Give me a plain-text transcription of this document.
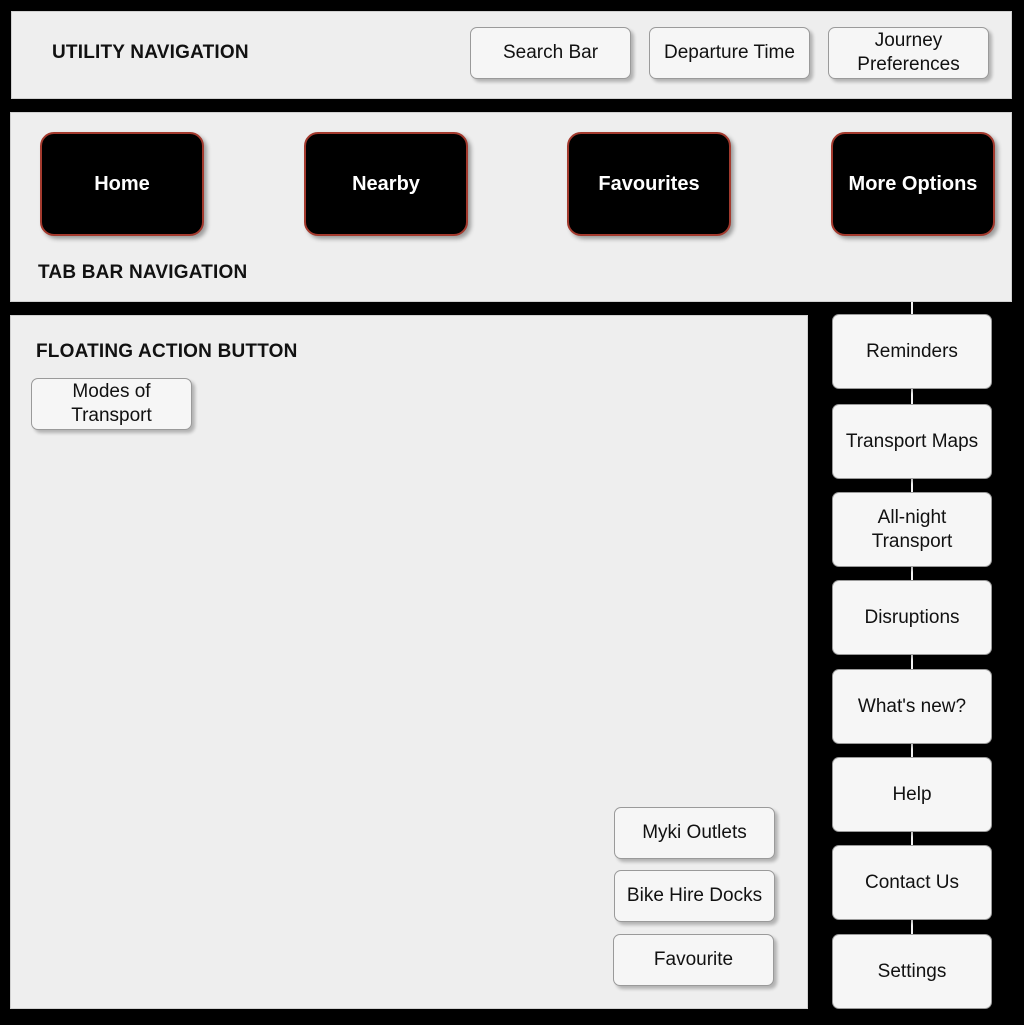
UTILITY NAVIGATION	Search Bar	Departure Time
Journey Preferences
TAB BAR NAVIGATION
Home	Nearby	Favourites	More Options
FLOATING ACTION BUTTON
Modes of Transport
Myki Outlets
Bike Hire Docks
Favourite
Reminders
Transport Maps
All-night Transport
Disruptions
What's new?
Help
Contact Us
Settings
